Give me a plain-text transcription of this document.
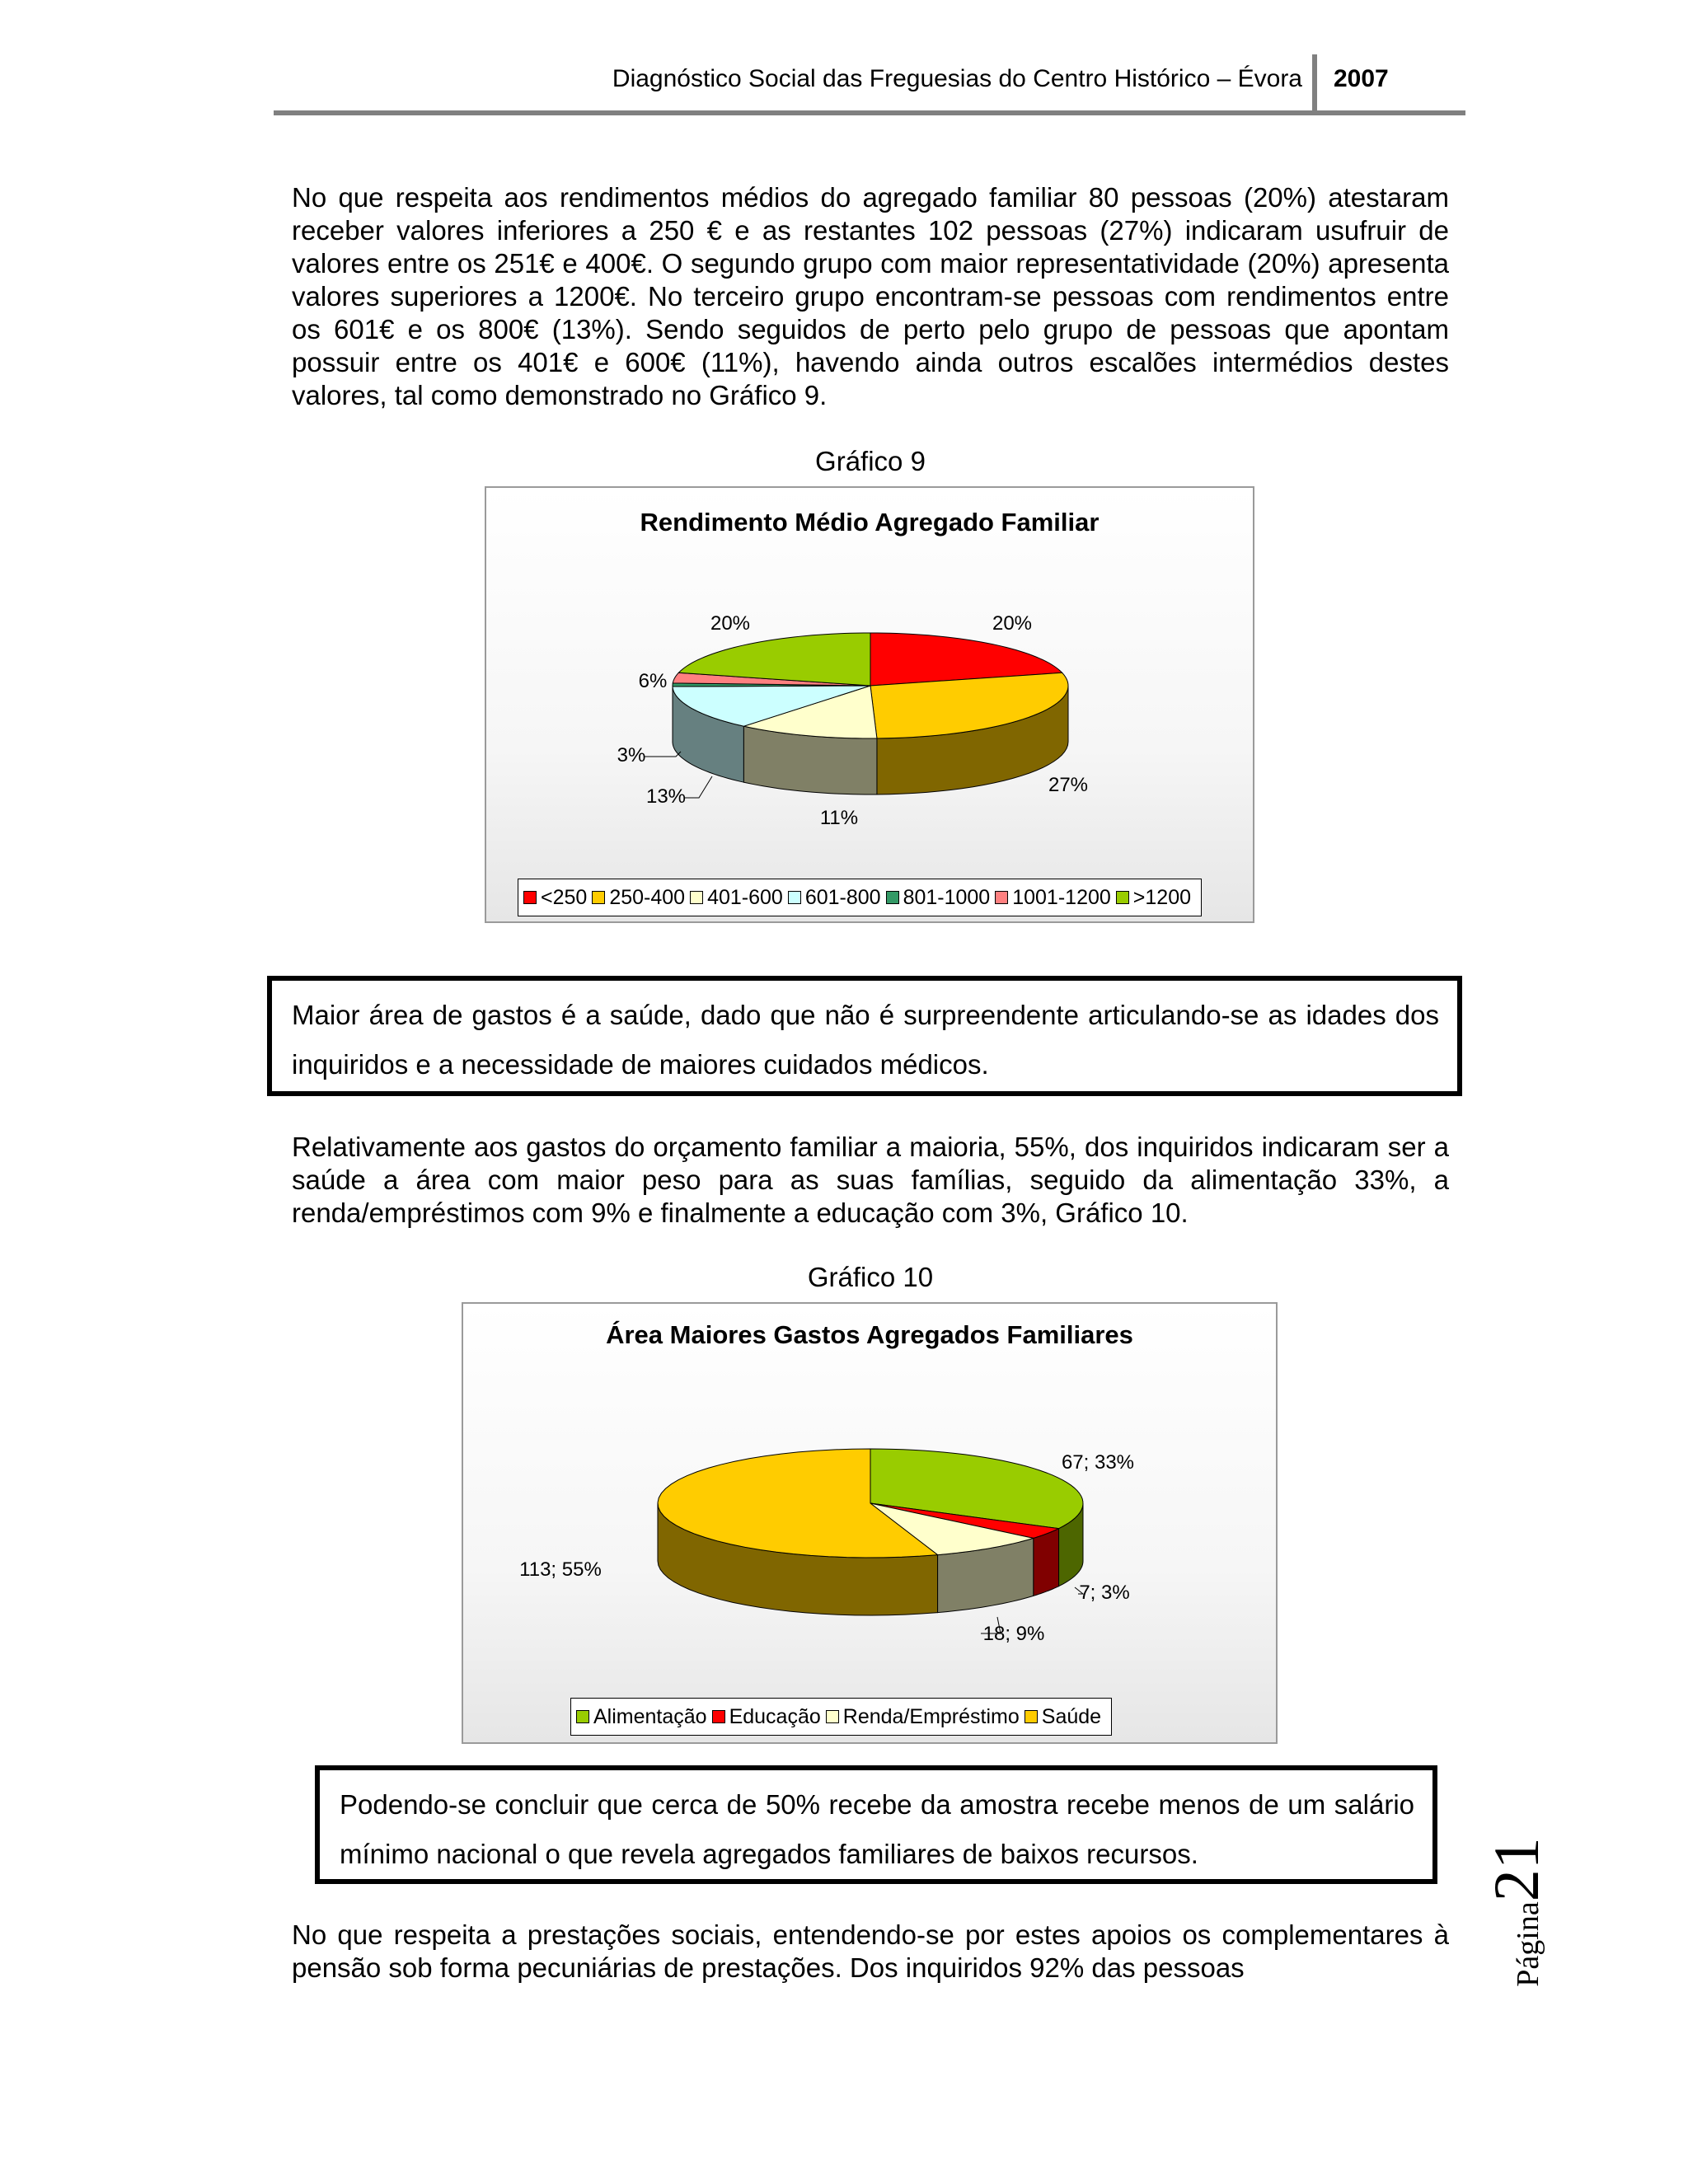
Diagnóstico Social das Freguesias do Centro Histórico – Évora 2007

No que respeita aos rendimentos médios do agregado familiar 80 pessoas (20%) atestaram receber valores inferiores a 250 € e as restantes 102 pessoas (27%) indicaram usufruir de valores entre os 251€ e 400€. O segundo grupo com maior representatividade (20%) apresenta valores superiores a 1200€. No terceiro grupo encontram-se pessoas com rendimentos entre os 601€ e os 800€ (13%). Sendo seguidos de perto pelo grupo de pessoas que apontam possuir entre os 401€ e 600€ (11%), havendo ainda outros escalões intermédios destes valores, tal como demonstrado no Gráfico 9.

Gráfico 9
Rendimento Médio Agregado Familiar
20%	20%
6%
3%
13%
11%
27%
<250 250-400 401-600 601-800 801-1000 1001-1200 >1200
Maior área de gastos é a saúde, dado que não é surpreendente articulando-se as idades dos inquiridos e a necessidade de maiores cuidados médicos.

Relativamente aos gastos do orçamento familiar a maioria, 55%, dos inquiridos indicaram ser a saúde a área com maior peso para as suas famílias, seguido da alimentação 33%, a renda/empréstimos com 9% e finalmente a educação com 3%, Gráfico 10.

Gráfico 10
Área Maiores Gastos Agregados Familiares
67; 33%
7; 3%
18; 9%
113; 55%
Alimentação Educação Renda/Empréstimo Saúde
Podendo-se concluir que cerca de 50% recebe da amostra recebe menos de um salário mínimo nacional o que revela agregados familiares de baixos recursos.

No que respeita a prestações sociais, entendendo-se por estes apoios os complementares à pensão sob forma pecuniárias de prestações. Dos inquiridos 92% das pessoas	Página21
